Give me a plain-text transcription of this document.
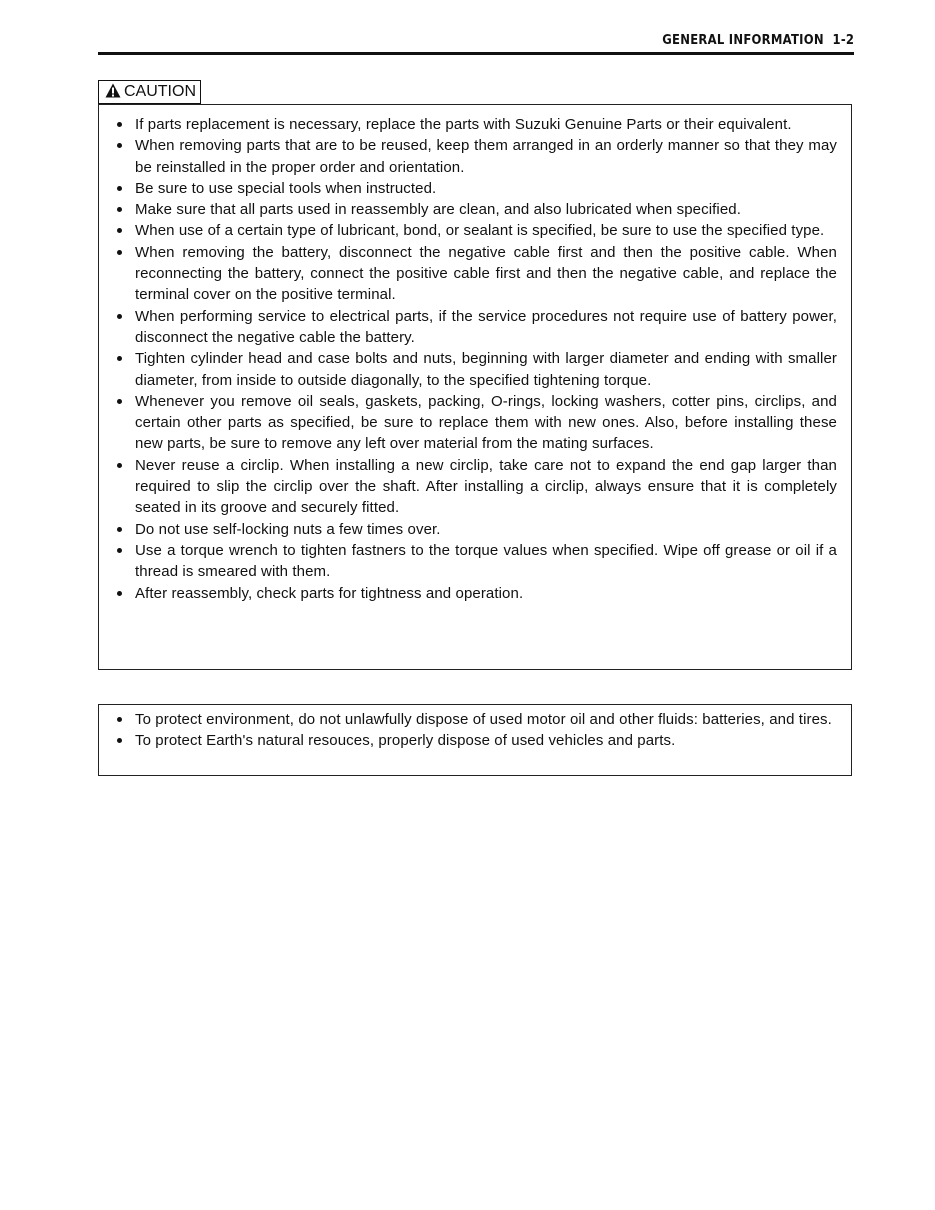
GENERAL INFORMATION 1-2
CAUTION
If parts replacement is necessary, replace the parts with Suzuki Genuine Parts or their equivalent.
When removing parts that are to be reused, keep them arranged in an orderly manner so that they may be reinstalled in the proper order and orientation.
Be sure to use special tools when instructed.
Make sure that all parts used in reassembly are clean, and also lubricated when specified.
When use of a certain type of lubricant, bond, or sealant is specified, be sure to use the specified type.
When removing the battery, disconnect the negative cable first and then the positive cable. When reconnecting the battery, connect the positive cable first and then the negative cable, and replace the terminal cover on the positive terminal.
When performing service to electrical parts, if the service procedures not require use of battery power, disconnect the negative cable the battery.
Tighten cylinder head and case bolts and nuts, beginning with larger diameter and ending with smaller diameter, from inside to outside diagonally, to the specified tightening torque.
Whenever you remove oil seals, gaskets, packing, O-rings, locking washers, cotter pins, circlips, and certain other parts as specified, be sure to replace them with new ones. Also, before installing these new parts, be sure to remove any left over material from the mating surfaces.
Never reuse a circlip. When installing a new circlip, take care not to expand the end gap larger than required to slip the circlip over the shaft. After installing a circlip, always ensure that it is completely seated in its groove and securely fitted.
Do not use self-locking nuts a few times over.
Use a torque wrench to tighten fastners to the torque values when specified. Wipe off grease or oil if a thread is smeared with them.
After reassembly, check parts for tightness and operation.
To protect environment, do not unlawfully dispose of used motor oil and other fluids: batteries, and tires.
To protect Earth's natural resouces, properly dispose of used vehicles and parts.
